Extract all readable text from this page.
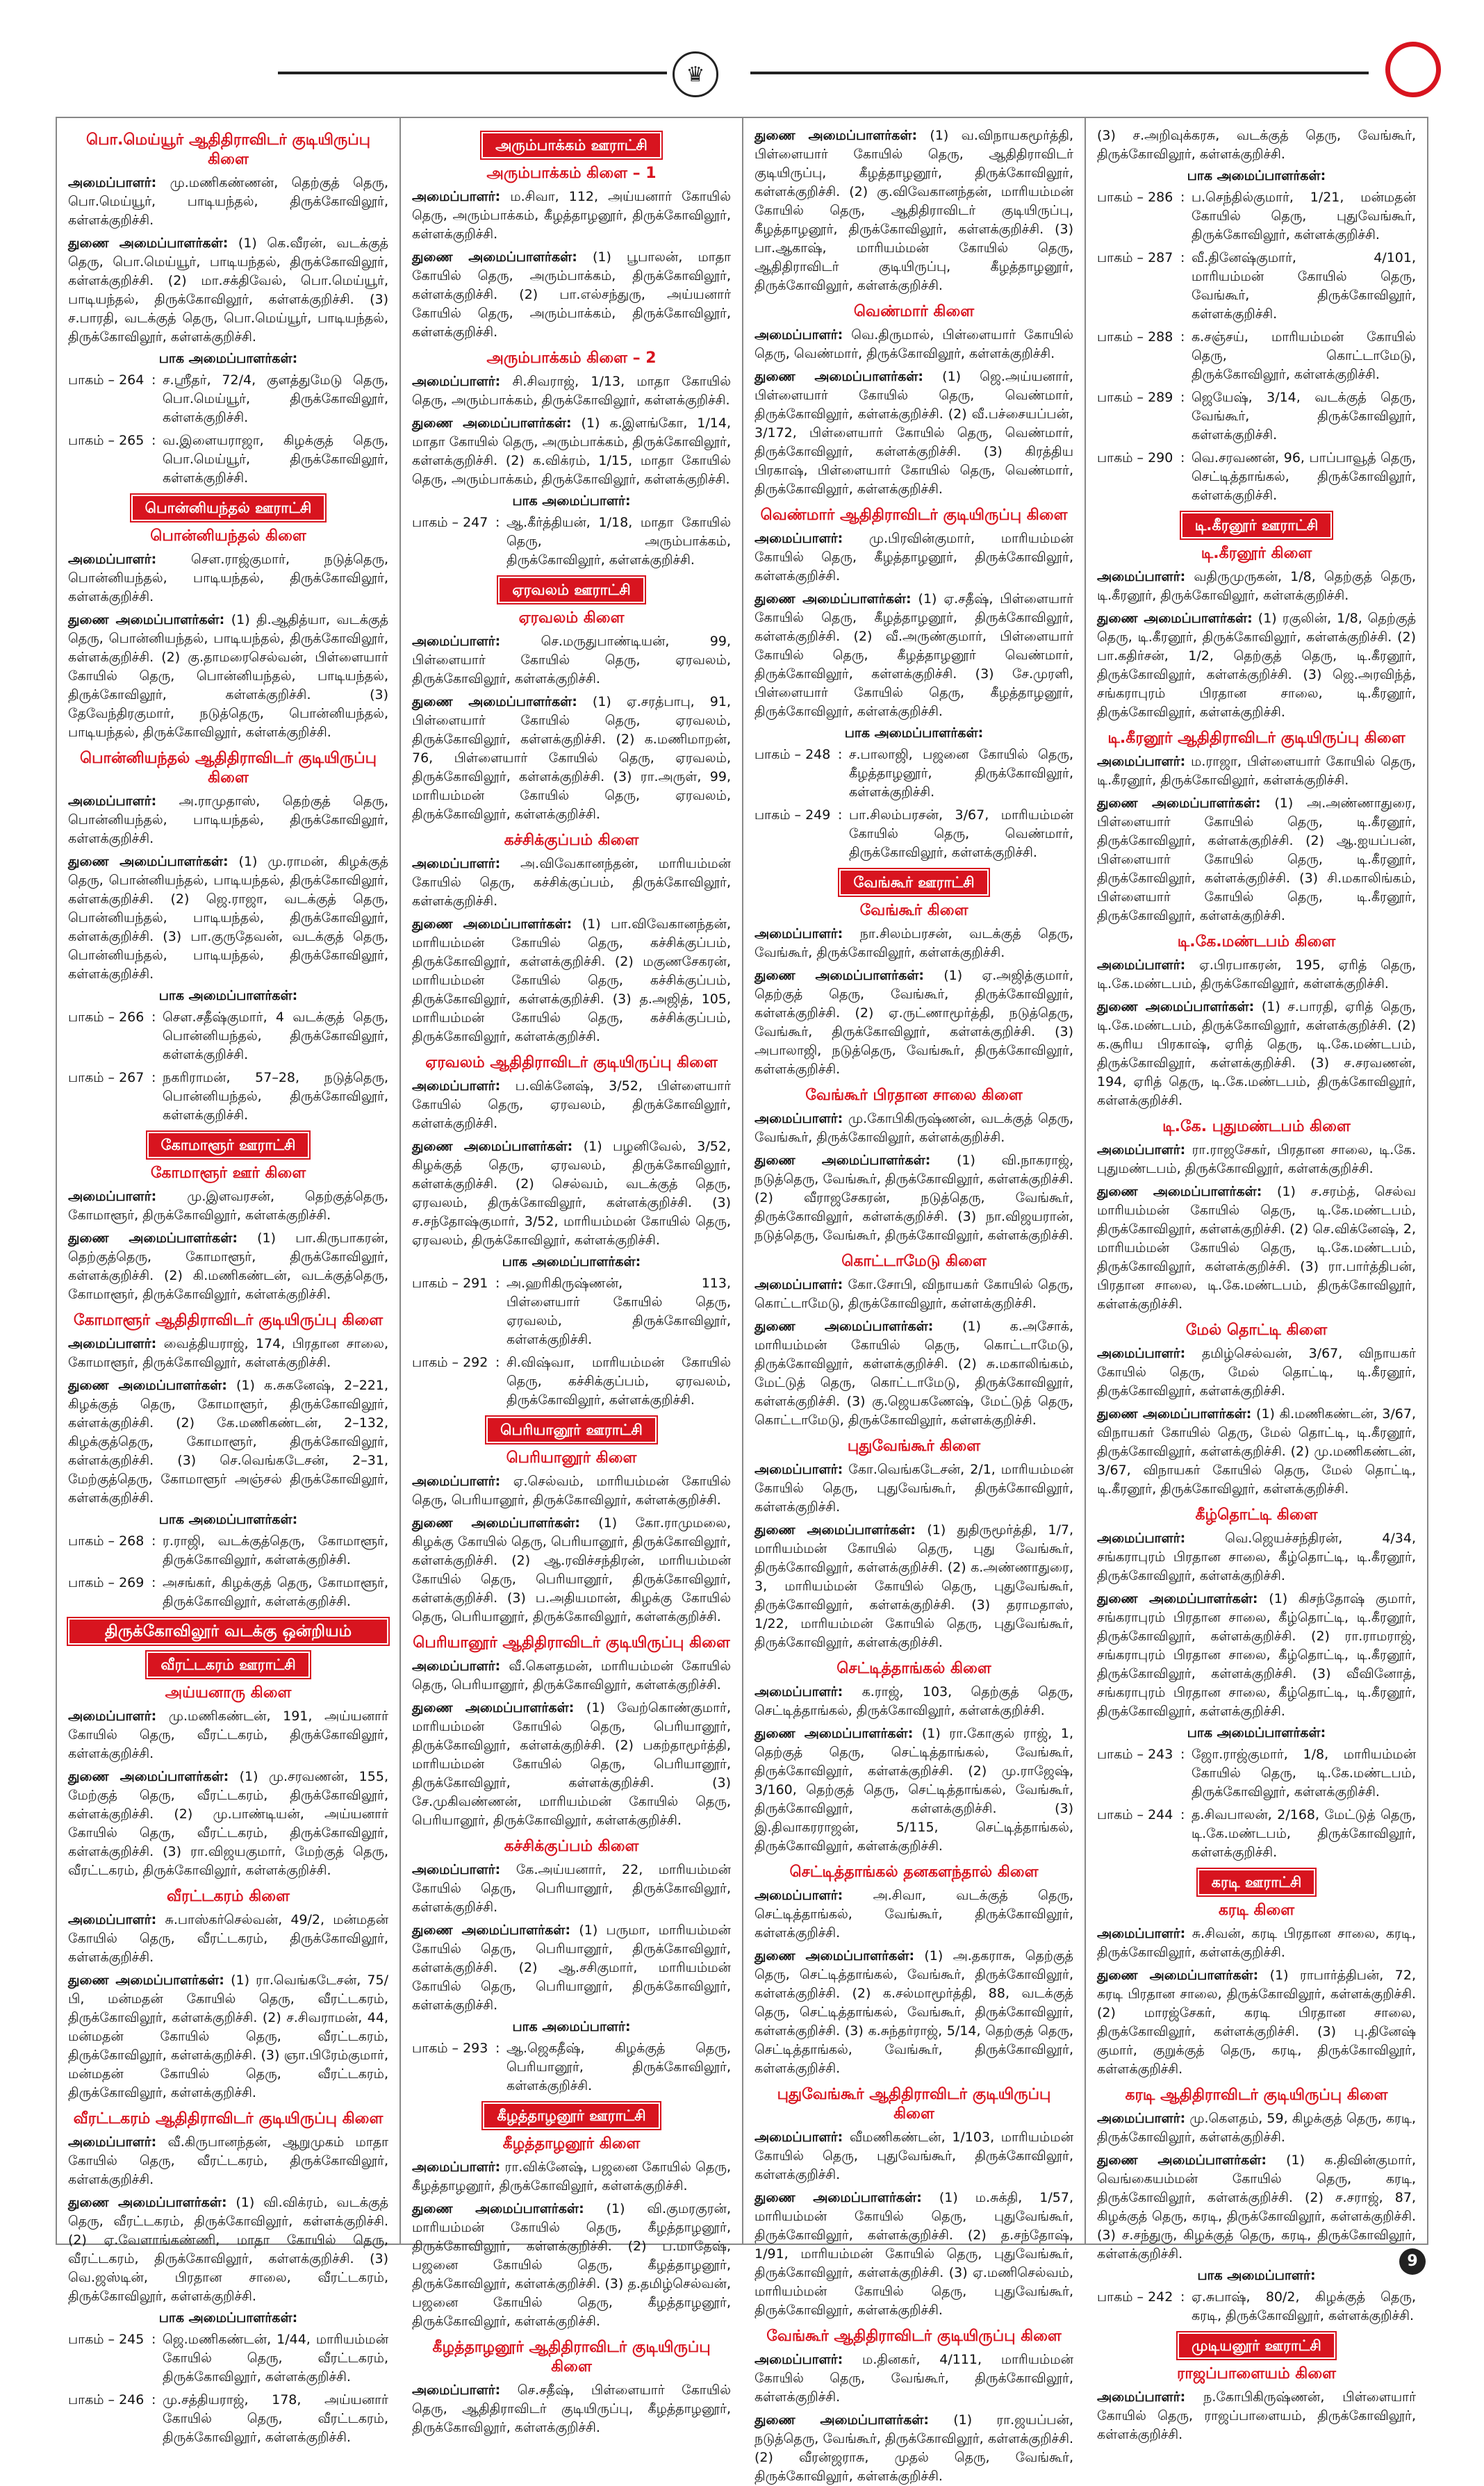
♛
பொ.மெய்யூர் ஆதிதிராவிடர் குடியிருப்பு கிளை

அமைப்பாளர்: மு.மணிகண்ணன், தெற்குத் தெரு, பொ.மெய்யூர், பாடியந்தல், திருக்கோவிலூர், கள்ளக்குறிச்சி.

துணை அமைப்பாளர்கள்: (1) கெ.வீரன், வடக்குத் தெரு, பொ.மெய்யூர், பாடியந்தல், திருக்கோவிலூர், கள்ளக்குறிச்சி. (2) மா.சக்திவேல், பொ.மெய்யூர், பாடியந்தல், திருக்கோவிலூர், கள்ளக்குறிச்சி. (3) ச.பாரதி, வடக்குத் தெரு, பொ.மெய்யூர், பாடியந்தல், திருக்கோவிலூர், கள்ளக்குறிச்சி.

பாக அமைப்பாளர்கள்:
பாகம் – 264 : ச.ஸ்ரீதர், 72/4, குளத்துமேடு தெரு, பொ.மெய்யூர், திருக்கோவிலூர், கள்ளக்குறிச்சி.
பாகம் – 265 : வ.இளையராஜா, கிழக்குத் தெரு, பொ.மெய்யூர், திருக்கோவிலூர், கள்ளக்குறிச்சி.
பொன்னியந்தல் ஊராட்சி
பொன்னியந்தல் கிளை

அமைப்பாளர்:	செள.ராஜ்குமார், நடுத்தெரு, பொன்னியந்தல், பாடியந்தல், திருக்கோவிலூர், கள்ளக்குறிச்சி.

துணை அமைப்பாளர்கள்: (1) தி.ஆதித்யா, வடக்குத் தெரு, பொன்னியந்தல், பாடியந்தல், திருக்கோவிலூர், கள்ளக்குறிச்சி. (2) கு.தாமரைசெல்வன், பிள்ளையார் கோயில் தெரு, பொன்னியந்தல், பாடியந்தல், திருக்கோவிலூர், கள்ளக்குறிச்சி. (3) தேவேந்திரகுமார், நடுத்தெரு, பொன்னியந்தல், பாடியந்தல், திருக்கோவிலூர், கள்ளக்குறிச்சி.

பொன்னியந்தல் ஆதிதிராவிடர் குடியிருப்பு கிளை

அமைப்பாளர்: அ.ராமுதாஸ், தெற்குத் தெரு, பொன்னியந்தல், பாடியந்தல், திருக்கோவிலூர், கள்ளக்குறிச்சி.

துணை அமைப்பாளர்கள்: (1) மு.ராமன், கிழக்குத் தெரு, பொன்னியந்தல், பாடியந்தல், திருக்கோவிலூர், கள்ளக்குறிச்சி. (2) ஜெ.ராஜா, வடக்குத் தெரு, பொன்னியந்தல், பாடியந்தல், திருக்கோவிலூர், கள்ளக்குறிச்சி. (3) பா.குருதேவன், வடக்குத் தெரு, பொன்னியந்தல், பாடியந்தல், திருக்கோவிலூர், கள்ளக்குறிச்சி.

பாக அமைப்பாளர்கள்:
பாகம் – 266 : செள.சதீஷ்குமார், 4 வடக்குத் தெரு, பொன்னியந்தல், திருக்கோவிலூர், கள்ளக்குறிச்சி.
பாகம் – 267 : நகரிராமன், 57–28, நடுத்தெரு, பொன்னியந்தல், திருக்கோவிலூர், கள்ளக்குறிச்சி.
கோமாளூர் ஊராட்சி
கோமாளூர் ஊர் கிளை

அமைப்பாளர்: மு.இளவரசன், தெற்குத்தெரு, கோமாளூர், திருக்கோவிலூர், கள்ளக்குறிச்சி.

துணை அமைப்பாளர்கள்: (1) பா.கிருபாகரன், தெற்குத்தெரு, கோமாளூர், திருக்கோவிலூர், கள்ளக்குறிச்சி. (2) கி.மணிகண்டன், வடக்குத்தெரு, கோமாளூர், திருக்கோவிலூர், கள்ளக்குறிச்சி.

கோமாளூர் ஆதிதிராவிடர் குடியிருப்பு கிளை

அமைப்பாளர்: வைத்தியராஜ், 174, பிரதான சாலை, கோமாளூர், திருக்கோவிலூர், கள்ளக்குறிச்சி.

துணை அமைப்பாளர்கள்: (1) க.சுகனேஷ், 2–221, கிழக்குத் தெரு, கோமாளூர், திருக்கோவிலூர், கள்ளக்குறிச்சி. (2) கே.மணிகண்டன், 2–132, கிழக்குத்தெரு, கோமாளூர், திருக்கோவிலூர், கள்ளக்குறிச்சி. (3) செ.வெங்கடேசன், 2–31, மேற்குத்தெரு, கோமாளூர் அஞ்சல் திருக்கோவிலூர், கள்ளக்குறிச்சி.

பாக அமைப்பாளர்கள்:
பாகம் – 268 : ர.ராஜி, வடக்குத்தெரு, கோமாளூர், திருக்கோவிலூர், கள்ளக்குறிச்சி.
பாகம் – 269 : அசங்கர், கிழக்குத் தெரு, கோமாளூர், திருக்கோவிலூர், கள்ளக்குறிச்சி.
திருக்கோவிலூர் வடக்கு ஒன்றியம்
வீரட்டகரம் ஊராட்சி
அய்யனாரு கிளை

அமைப்பாளர்: மு.மணிகண்டன், 191, அய்யனார் கோயில் தெரு, வீரட்டகரம், திருக்கோவிலூர், கள்ளக்குறிச்சி.

துணை அமைப்பாளர்கள்: (1) மு.சரவணன், 155, மேற்குத் தெரு, வீரட்டகரம், திருக்கோவிலூர், கள்ளக்குறிச்சி. (2) மு.பாண்டியன், அய்யனார் கோயில் தெரு, வீரட்டகரம், திருக்கோவிலூர், கள்ளக்குறிச்சி. (3) ரா.விஜயகுமார், மேற்குத் தெரு, வீரட்டகரம், திருக்கோவிலூர், கள்ளக்குறிச்சி.

வீரட்டகரம் கிளை

அமைப்பாளர்: சு.பாஸ்கர்செல்வன், 49/2, மன்மதன் கோயில் தெரு, வீரட்டகரம், திருக்கோவிலூர், கள்ளக்குறிச்சி.

துணை அமைப்பாளர்கள்: (1) ரா.வெங்கடேசன், 75/பி, மன்மதன் கோயில் தெரு, வீரட்டகரம், திருக்கோவிலூர், கள்ளக்குறிச்சி. (2) ச.சிவராமன், 44, மன்மதன் கோயில் தெரு, வீரட்டகரம், திருக்கோவிலூர், கள்ளக்குறிச்சி. (3) ஞா.பிரேம்குமார், மன்மதன் கோயில் தெரு, வீரட்டகரம், திருக்கோவிலூர், கள்ளக்குறிச்சி.

வீரட்டகரம் ஆதிதிராவிடர் குடியிருப்பு கிளை

அமைப்பாளர்: வீ.கிருபானந்தன், ஆறுமுகம் மாதா கோயில் தெரு, வீரட்டகரம், திருக்கோவிலூர், கள்ளக்குறிச்சி.

துணை அமைப்பாளர்கள்: (1) வி.விக்ரம், வடக்குத் தெரு, வீரட்டகரம், திருக்கோவிலூர், கள்ளக்குறிச்சி. (2) ஏ.வேளாங்கண்ணி, மாதா கோயில் தெரு, வீரட்டகரம், திருக்கோவிலூர், கள்ளக்குறிச்சி. (3) வெ.ஜஸ்டின், பிரதான சாலை, வீரட்டகரம், திருக்கோவிலூர், கள்ளக்குறிச்சி.

பாக அமைப்பாளர்கள்:
பாகம் – 245 : ஜெ.மணிகண்டன், 1/44, மாரியம்மன் கோயில் தெரு, வீரட்டகரம், திருக்கோவிலூர், கள்ளக்குறிச்சி.
பாகம் – 246 : மு.சத்தியராஜ், 178, அய்யனார் கோயில் தெரு, வீரட்டகரம், திருக்கோவிலூர், கள்ளக்குறிச்சி.
அரும்பாக்கம் ஊராட்சி
அரும்பாக்கம் கிளை – 1

அமைப்பாளர்: ம.சிவா, 112, அய்யனார் கோயில் தெரு, அரும்பாக்கம், கீழத்தாழனூர், திருக்கோவிலூர், கள்ளக்குறிச்சி.

துணை அமைப்பாளர்கள்: (1) பூபாலன், மாதா கோயில் தெரு, அரும்பாக்கம், திருக்கோவிலூர், கள்ளக்குறிச்சி. (2) பா.எல்சந்துரு, அய்யனார் கோயில் தெரு, அரும்பாக்கம், திருக்கோவிலூர், கள்ளக்குறிச்சி.

அரும்பாக்கம் கிளை – 2

அமைப்பாளர்: சி.சிவராஜ், 1/13, மாதா கோயில் தெரு, அரும்பாக்கம், திருக்கோவிலூர், கள்ளக்குறிச்சி.

துணை அமைப்பாளர்கள்: (1) க.இளங்கோ, 1/14, மாதா கோயில் தெரு, அரும்பாக்கம், திருக்கோவிலூர், கள்ளக்குறிச்சி. (2) க.விக்ரம், 1/15, மாதா கோயில் தெரு, அரும்பாக்கம், திருக்கோவிலூர், கள்ளக்குறிச்சி.

பாக அமைப்பாளர்:
பாகம் – 247 : ஆ.கீர்த்தியன், 1/18, மாதா கோயில் தெரு, அரும்பாக்கம், திருக்கோவிலூர், கள்ளக்குறிச்சி.
ஏரவலம் ஊராட்சி
ஏரவலம் கிளை

அமைப்பாளர்:	செ.மருதுபாண்டியன், 99, பிள்ளையார் கோயில் தெரு, ஏரவலம், திருக்கோவிலூர், கள்ளக்குறிச்சி.

துணை அமைப்பாளர்கள்: (1) ஏ.சரத்பாபு, 91, பிள்ளையார் கோயில் தெரு, ஏரவலம், திருக்கோவிலூர், கள்ளக்குறிச்சி. (2) க.மணிமாறன், 76, பிள்ளையார் கோயில் தெரு, ஏரவலம், திருக்கோவிலூர், கள்ளக்குறிச்சி. (3) ரா.அருள், 99, மாரியம்மன் கோயில் தெரு, ஏரவலம், திருக்கோவிலூர், கள்ளக்குறிச்சி.

கச்சிக்குப்பம் கிளை

அமைப்பாளர்: அ.விவேகானந்தன், மாரியம்மன் கோயில் தெரு, கச்சிக்குப்பம், திருக்கோவிலூர், கள்ளக்குறிச்சி.

துணை அமைப்பாளர்கள்: (1) பா.விவேகானந்தன், மாரியம்மன் கோயில் தெரு, கச்சிக்குப்பம், திருக்கோவிலூர், கள்ளக்குறிச்சி. (2) மகுணசேகரன், மாரியம்மன் கோயில் தெரு, கச்சிக்குப்பம், திருக்கோவிலூர், கள்ளக்குறிச்சி. (3) த.அஜித், 105, மாரியம்மன் கோயில் தெரு, கச்சிக்குப்பம், திருக்கோவிலூர், கள்ளக்குறிச்சி.

ஏரவலம் ஆதிதிராவிடர் குடியிருப்பு கிளை

அமைப்பாளர்: ப.விக்னேஷ், 3/52, பிள்ளையார் கோயில் தெரு, ஏரவலம், திருக்கோவிலூர், கள்ளக்குறிச்சி.

துணை அமைப்பாளர்கள்: (1) பழனிவேல், 3/52, கிழக்குத் தெரு, ஏரவலம், திருக்கோவிலூர், கள்ளக்குறிச்சி. (2) செல்வம், வடக்குத் தெரு, ஏரவலம், திருக்கோவிலூர், கள்ளக்குறிச்சி. (3) ச.சந்தோஷ்குமார், 3/52, மாரியம்மன் கோயில் தெரு, ஏரவலம், திருக்கோவிலூர், கள்ளக்குறிச்சி.

பாக அமைப்பாளர்கள்:
பாகம் – 291 : அ.ஹரிகிருஷ்ணன், 113, பிள்ளையார் கோயில் தெரு, ஏரவலம், திருக்கோவிலூர், கள்ளக்குறிச்சி.
பாகம் – 292 : சி.விஷ்வா, மாரியம்மன் கோயில் தெரு, கச்சிக்குப்பம், ஏரவலம், திருக்கோவிலூர், கள்ளக்குறிச்சி.
பெரியானூர் ஊராட்சி
பெரியானூர் கிளை

அமைப்பாளர்: ஏ.செல்வம், மாரியம்மன் கோயில் தெரு, பெரியானூர், திருக்கோவிலூர், கள்ளக்குறிச்சி.

துணை அமைப்பாளர்கள்: (1) கோ.ராமுமலை, கிழக்கு கோயில் தெரு, பெரியானூர், திருக்கோவிலூர், கள்ளக்குறிச்சி. (2) ஆ.ரவிச்சந்திரன், மாரியம்மன் கோயில் தெரு, பெரியானூர், திருக்கோவிலூர், கள்ளக்குறிச்சி. (3) ப.அதியமான், கிழக்கு கோயில் தெரு, பெரியானூர், திருக்கோவிலூர், கள்ளக்குறிச்சி.

பெரியானூர் ஆதிதிராவிடர் குடியிருப்பு கிளை

அமைப்பாளர்: வீ.கௌதமன், மாரியம்மன் கோயில் தெரு, பெரியானூர், திருக்கோவிலூர், கள்ளக்குறிச்சி.

துணை அமைப்பாளர்கள்: (1) வேற்கொண்குமார், மாரியம்மன் கோயில் தெரு, பெரியானூர், திருக்கோவிலூர், கள்ளக்குறிச்சி. (2) பகற்தாமூர்த்தி, மாரியம்மன் கோயில் தெரு, பெரியானூர், திருக்கோவிலூர், கள்ளக்குறிச்சி. (3) சே.முகிவண்ணன், மாரியம்மன் கோயில் தெரு, பெரியானூர், திருக்கோவிலூர், கள்ளக்குறிச்சி.

கச்சிக்குப்பம் கிளை

அமைப்பாளர்: கே.அய்யனார், 22, மாரியம்மன் கோயில் தெரு, பெரியானூர், திருக்கோவிலூர், கள்ளக்குறிச்சி.

துணை அமைப்பாளர்கள்: (1) பருமா, மாரியம்மன் கோயில் தெரு, பெரியானூர், திருக்கோவிலூர், கள்ளக்குறிச்சி. (2) ஆ.சசிகுமார், மாரியம்மன் கோயில் தெரு, பெரியானூர், திருக்கோவிலூர், கள்ளக்குறிச்சி.

பாக அமைப்பாளர்:
பாகம் – 293 : ஆ.ஜெகதீஷ், கிழக்குத் தெரு, பெரியானூர், திருக்கோவிலூர், கள்ளக்குறிச்சி.
கீழத்தாழனூர் ஊராட்சி
கீழத்தாழனூர் கிளை

அமைப்பாளர்: ரா.விக்னேஷ், பஜனை கோயில் தெரு, கீழத்தாழனூர், திருக்கோவிலூர், கள்ளக்குறிச்சி.

துணை அமைப்பாளர்கள்: (1) வி.குமரகுரன், மாரியம்மன் கோயில் தெரு, கீழத்தாழனூர், திருக்கோவிலூர், கள்ளக்குறிச்சி. (2) ப.மாதேஷ், பஜனை கோயில் தெரு, கீழத்தாழனூர், திருக்கோவிலூர், கள்ளக்குறிச்சி. (3) த.தமிழ்செல்வன், பஜனை கோயில் தெரு, கீழத்தாழனூர், திருக்கோவிலூர், கள்ளக்குறிச்சி.

கீழத்தாழனூர் ஆதிதிராவிடர் குடியிருப்பு கிளை

அமைப்பாளர்: செ.சதீஷ், பிள்ளையார் கோயில் தெரு, ஆதிதிராவிடர் குடியிருப்பு, கீழத்தாழனூர், திருக்கோவிலூர், கள்ளக்குறிச்சி.

துணை அமைப்பாளர்கள்: (1) வ.விநாயகமூர்த்தி, பிள்ளையார் கோயில் தெரு, ஆதிதிராவிடர் குடியிருப்பு, கீழத்தாழனூர், திருக்கோவிலூர், கள்ளக்குறிச்சி. (2) கு.விவேகானந்தன், மாரியம்மன் கோயில் தெரு, ஆதிதிராவிடர் குடியிருப்பு, கீழத்தாழனூர், திருக்கோவிலூர், கள்ளக்குறிச்சி. (3) பா.ஆகாஷ், மாரியம்மன் கோயில் தெரு, ஆதிதிராவிடர் குடியிருப்பு, கீழத்தாழனூர், திருக்கோவிலூர், கள்ளக்குறிச்சி.

வெண்மார் கிளை

அமைப்பாளர்: வெ.திருமால், பிள்ளையார் கோயில் தெரு, வெண்மார், திருக்கோவிலூர், கள்ளக்குறிச்சி.

துணை அமைப்பாளர்கள்: (1) ஜெ.அய்யனார், பிள்ளையார் கோயில் தெரு, வெண்மார், திருக்கோவிலூர், கள்ளக்குறிச்சி. (2) வீ.பச்சையப்பன், 3/172, பிள்ளையார் கோயில் தெரு, வெண்மார், திருக்கோவிலூர், கள்ளக்குறிச்சி. (3) கிரத்திய பிரகாஷ், பிள்ளையார் கோயில் தெரு, வெண்மார், திருக்கோவிலூர், கள்ளக்குறிச்சி.

வெண்மார் ஆதிதிராவிடர் குடியிருப்பு கிளை

அமைப்பாளர்: மு.பிரவின்குமார், மாரியம்மன் கோயில் தெரு, கீழத்தாழனூர், திருக்கோவிலூர், கள்ளக்குறிச்சி.

துணை அமைப்பாளர்கள்: (1) ஏ.சதீஷ், பிள்ளையார் கோயில் தெரு, கீழத்தாழனூர், திருக்கோவிலூர், கள்ளக்குறிச்சி. (2) வீ.அருண்குமார், பிள்ளையார் கோயில் தெரு, கீழத்தாழனூர் வெண்மார், திருக்கோவிலூர், கள்ளக்குறிச்சி. (3) சே.முரளி, பிள்ளையார் கோயில் தெரு, கீழத்தாழனூர், திருக்கோவிலூர், கள்ளக்குறிச்சி.

பாக அமைப்பாளர்கள்:
பாகம் – 248 : ச.பாலாஜி, பஜனை கோயில் தெரு, கீழத்தாழனூர், திருக்கோவிலூர், கள்ளக்குறிச்சி.
பாகம் – 249 : பா.சிலம்பரசன், 3/67, மாரியம்மன் கோயில் தெரு, வெண்மார், திருக்கோவிலூர், கள்ளக்குறிச்சி.
வேங்கூர் ஊராட்சி
வேங்கூர் கிளை

அமைப்பாளர்: நா.சிலம்பரசன், வடக்குத் தெரு, வேங்கூர், திருக்கோவிலூர், கள்ளக்குறிச்சி.

துணை அமைப்பாளர்கள்: (1) ஏ.அஜித்குமார், தெற்குத் தெரு, வேங்கூர், திருக்கோவிலூர், கள்ளக்குறிச்சி. (2) ஏ.ருட்ணாமூர்த்தி, நடுத்தெரு, வேங்கூர், திருக்கோவிலூர், கள்ளக்குறிச்சி. (3) அபாலாஜி, நடுத்தெரு, வேங்கூர், திருக்கோவிலூர், கள்ளக்குறிச்சி.

வேங்கூர் பிரதான சாலை கிளை

அமைப்பாளர்: மு.கோபிகிருஷ்ணன், வடக்குத் தெரு, வேங்கூர், திருக்கோவிலூர், கள்ளக்குறிச்சி.

துணை அமைப்பாளர்கள்: (1) வி.நாகராஜ், நடுத்தெரு, வேங்கூர், திருக்கோவிலூர், கள்ளக்குறிச்சி. (2) வீராஜசேகரன், நடுத்தெரு, வேங்கூர், திருக்கோவிலூர், கள்ளக்குறிச்சி. (3) நா.விஜயரான், நடுத்தெரு, வேங்கூர், திருக்கோவிலூர், கள்ளக்குறிச்சி.

கொட்டாமேடு கிளை

அமைப்பாளர்: கோ.சோபி, விநாயகர் கோயில் தெரு, கொட்டாமேடு, திருக்கோவிலூர், கள்ளக்குறிச்சி.

துணை அமைப்பாளர்கள்: (1) க.அசோக், மாரியம்மன் கோயில் தெரு, கொட்டாமேடு, திருக்கோவிலூர், கள்ளக்குறிச்சி. (2) சு.மகாலிங்கம், மேட்டுத் தெரு, கொட்டாமேடு, திருக்கோவிலூர், கள்ளக்குறிச்சி. (3) கு.ஜெயகணேஷ், மேட்டுத் தெரு, கொட்டாமேடு, திருக்கோவிலூர், கள்ளக்குறிச்சி.

புதுவேங்கூர் கிளை

அமைப்பாளர்: கோ.வெங்கடேசன், 2/1, மாரியம்மன் கோயில் தெரு, புதுவேங்கூர், திருக்கோவிலூர், கள்ளக்குறிச்சி.

துணை அமைப்பாளர்கள்: (1) துதிருமூர்த்தி, 1/7, மாரியம்மன் கோயில் தெரு, புது வேங்கூர், திருக்கோவிலூர், கள்ளக்குறிச்சி. (2) க.அண்ணாதுரை, 3, மாரியம்மன் கோயில் தெரு, புதுவேங்கூர், திருக்கோவிலூர், கள்ளக்குறிச்சி. (3) தராமதாஸ், 1/22, மாரியம்மன் கோயில் தெரு, புதுவேங்கூர், திருக்கோவிலூர், கள்ளக்குறிச்சி.

செட்டித்தாங்கல் கிளை

அமைப்பாளர்: க.ராஜ், 103, தெற்குத் தெரு, செட்டித்தாங்கல், திருக்கோவிலூர், கள்ளக்குறிச்சி.

துணை அமைப்பாளர்கள்: (1) ரா.கோகுல் ராஜ், 1, தெற்குத் தெரு, செட்டித்தாங்கல், வேங்கூர், திருக்கோவிலூர், கள்ளக்குறிச்சி. (2) மு.ராஜேஷ், 3/160, தெற்குத் தெரு, செட்டித்தாங்கல், வேங்கூர், திருக்கோவிலூர், கள்ளக்குறிச்சி. (3) இ.திவாகரராஜன், 5/115, செட்டித்தாங்கல், திருக்கோவிலூர், கள்ளக்குறிச்சி.

செட்டித்தாங்கல் தனகளந்தால் கிளை

அமைப்பாளர்: அ.சிவா, வடக்குத் தெரு, செட்டித்தாங்கல், வேங்கூர், திருக்கோவிலூர், கள்ளக்குறிச்சி.

துணை அமைப்பாளர்கள்: (1) அ.தகராசு, தெற்குத் தெரு, செட்டித்தாங்கல், வேங்கூர், திருக்கோவிலூர், கள்ளக்குறிச்சி. (2) க.சல்மாமூர்த்தி, 88, வடக்குத் தெரு, செட்டித்தாங்கல், வேங்கூர், திருக்கோவிலூர், கள்ளக்குறிச்சி. (3) க.சுந்தர்ராஜ், 5/14, தெற்குத் தெரு, செட்டித்தாங்கல், வேங்கூர், திருக்கோவிலூர், கள்ளக்குறிச்சி.

புதுவேங்கூர் ஆதிதிராவிடர் குடியிருப்பு கிளை

அமைப்பாளர்: வீமணிகண்டன், 1/103, மாரியம்மன் கோயில் தெரு, புதுவேங்கூர், திருக்கோவிலூர், கள்ளக்குறிச்சி.

துணை அமைப்பாளர்கள்: (1) ம.சுக்தி, 1/57, மாரியம்மன் கோயில் தெரு, புதுவேங்கூர், திருக்கோவிலூர், கள்ளக்குறிச்சி. (2) த.சந்தோஷ், 1/91, மாரியம்மன் கோயில் தெரு, புதுவேங்கூர், திருக்கோவிலூர், கள்ளக்குறிச்சி. (3) ஏ.மணிசெல்வம், மாரியம்மன் கோயில் தெரு, புதுவேங்கூர், திருக்கோவிலூர், கள்ளக்குறிச்சி.

வேங்கூர் ஆதிதிராவிடர் குடியிருப்பு கிளை

அமைப்பாளர்: ம.தினகர், 4/111, மாரியம்மன் கோயில் தெரு, வேங்கூர், திருக்கோவிலூர், கள்ளக்குறிச்சி.

துணை அமைப்பாளர்கள்: (1) ரா.ஜயப்பன், நடுத்தெரு, வேங்கூர், திருக்கோவிலூர், கள்ளக்குறிச்சி. (2) வீரன்ஜராசு, முதல் தெரு, வேங்கூர், திருக்கோவிலூர், கள்ளக்குறிச்சி.

(3) ச.அறிவுக்கரசு, வடக்குத் தெரு, வேங்கூர், திருக்கோவிலூர், கள்ளக்குறிச்சி.

பாக அமைப்பாளர்கள்:
பாகம் – 286 : ப.செந்தில்குமார், 1/21, மன்மதன் கோயில் தெரு, புதுவேங்கூர், திருக்கோவிலூர், கள்ளக்குறிச்சி.
பாகம் – 287 : வீ.தினேஷ்குமார், 4/101, மாரியம்மன் கோயில் தெரு, வேங்கூர், திருக்கோவிலூர், கள்ளக்குறிச்சி.
பாகம் – 288 : க.சஞ்சய், மாரியம்மன் கோயில் தெரு, கொட்டாமேடு, திருக்கோவிலூர், கள்ளக்குறிச்சி.
பாகம் – 289 : ஜெயேஷ், 3/14, வடக்குத் தெரு, வேங்கூர், திருக்கோவிலூர், கள்ளக்குறிச்சி.
பாகம் – 290 : வெ.சரவணன், 96, பாப்பாவூத் தெரு, செட்டித்தாங்கல், திருக்கோவிலூர், கள்ளக்குறிச்சி.
டி.கீரனூர் ஊராட்சி
டி.கீரனூர் கிளை

அமைப்பாளர்: வதிருமுருகன், 1/8, தெற்குத் தெரு, டி.கீரனூர், திருக்கோவிலூர், கள்ளக்குறிச்சி.

துணை அமைப்பாளர்கள்: (1) ரகுலின், 1/8, தெற்குத் தெரு, டி.கீரனூர், திருக்கோவிலூர், கள்ளக்குறிச்சி. (2) பா.கதிர்சன், 1/2, தெற்குத் தெரு, டி.கீரனூர், திருக்கோவிலூர், கள்ளக்குறிச்சி. (3) ஜெ.அரவிந்த், சங்கராபுரம் பிரதான சாலை, டி.கீரனூர், திருக்கோவிலூர், கள்ளக்குறிச்சி.

டி.கீரனூர் ஆதிதிராவிடர் குடியிருப்பு கிளை

அமைப்பாளர்: ம.ராஜா, பிள்ளையார் கோயில் தெரு, டி.கீரனூர், திருக்கோவிலூர், கள்ளக்குறிச்சி.

துணை அமைப்பாளர்கள்: (1) அ.அண்ணாதுரை, பிள்ளையார் கோயில் தெரு, டி.கீரனூர், திருக்கோவிலூர், கள்ளக்குறிச்சி. (2) ஆ.ஐயப்பன், பிள்ளையார் கோயில் தெரு, டி.கீரனூர், திருக்கோவிலூர், கள்ளக்குறிச்சி. (3) சி.மகாலிங்கம், பிள்ளையார் கோயில் தெரு, டி.கீரனூர், திருக்கோவிலூர், கள்ளக்குறிச்சி.

டி.கே.மண்டபம் கிளை

அமைப்பாளர்: ஏ.பிரபாகரன், 195, ஏரித் தெரு, டி.கே.மண்டபம், திருக்கோவிலூர், கள்ளக்குறிச்சி.

துணை அமைப்பாளர்கள்: (1) ச.பாரதி, ஏரித் தெரு, டி.கே.மண்டபம், திருக்கோவிலூர், கள்ளக்குறிச்சி. (2) க.சூரிய பிரகாஷ், ஏரித் தெரு, டி.கே.மண்டபம், திருக்கோவிலூர், கள்ளக்குறிச்சி. (3) ச.சரவணன், 194, ஏரித் தெரு, டி.கே.மண்டபம், திருக்கோவிலூர், கள்ளக்குறிச்சி.

டி.கே. புதுமண்டபம் கிளை

அமைப்பாளர்: ரா.ராஜசேகர், பிரதான சாலை, டி.கே. புதுமண்டபம், திருக்கோவிலூர், கள்ளக்குறிச்சி.

துணை அமைப்பாளர்கள்: (1) ச.சரம்த், செல்வ மாரியம்மன் கோயில் தெரு, டி.கே.மண்டபம், திருக்கோவிலூர், கள்ளக்குறிச்சி. (2) செ.விக்னேஷ், 2, மாரியம்மன் கோயில் தெரு, டி.கே.மண்டபம், திருக்கோவிலூர், கள்ளக்குறிச்சி. (3) ரா.பார்த்திபன், பிரதான சாலை, டி.கே.மண்டபம், திருக்கோவிலூர், கள்ளக்குறிச்சி.

மேல் தொட்டி கிளை

அமைப்பாளர்: தமிழ்செல்வன், 3/67, விநாயகர் கோயில் தெரு, மேல் தொட்டி, டி.கீரனூர், திருக்கோவிலூர், கள்ளக்குறிச்சி.

துணை அமைப்பாளர்கள்: (1) கி.மணிகண்டன், 3/67, விநாயகர் கோயில் தெரு, மேல் தொட்டி, டி.கீரனூர், திருக்கோவிலூர், கள்ளக்குறிச்சி. (2) மு.மணிகண்டன், 3/67, விநாயகர் கோயில் தெரு, மேல் தொட்டி, டி.கீரனூர், திருக்கோவிலூர், கள்ளக்குறிச்சி.

கீழ்தொட்டி கிளை

அமைப்பாளர்:	வெ.ஜெயச்சந்திரன், 4/34, சங்கராபுரம் பிரதான சாலை, கீழ்தொட்டி, டி.கீரனூர், திருக்கோவிலூர், கள்ளக்குறிச்சி.

துணை அமைப்பாளர்கள்: (1) கிசந்தோஷ் குமார், சங்கராபுரம் பிரதான சாலை, கீழ்தொட்டி, டி.கீரனூர், திருக்கோவிலூர், கள்ளக்குறிச்சி. (2) ரா.ராமராஜ், சங்கராபுரம் பிரதான சாலை, கீழ்தொட்டி, டி.கீரனூர், திருக்கோவிலூர், கள்ளக்குறிச்சி. (3) வீவினோத், சங்கராபுரம் பிரதான சாலை, கீழ்தொட்டி, டி.கீரனூர், திருக்கோவிலூர், கள்ளக்குறிச்சி.

பாக அமைப்பாளர்கள்:
பாகம் – 243 : ஜோ.ராஜ்குமார், 1/8, மாரியம்மன் கோயில் தெரு, டி.கே.மண்டபம், திருக்கோவிலூர், கள்ளக்குறிச்சி.
பாகம் – 244 : த.சிவபாலன், 2/168, மேட்டுத் தெரு, டி.கே.மண்டபம், திருக்கோவிலூர், கள்ளக்குறிச்சி.
கரடி ஊராட்சி
கரடி கிளை

அமைப்பாளர்: சு.சிவன், கரடி பிரதான சாலை, கரடி, திருக்கோவிலூர், கள்ளக்குறிச்சி.

துணை அமைப்பாளர்கள்: (1) ராபார்த்திபன், 72, கரடி பிரதான சாலை, திருக்கோவிலூர், கள்ளக்குறிச்சி. (2) மாரஜ்சேகர், கரடி பிரதான சாலை, திருக்கோவிலூர், கள்ளக்குறிச்சி. (3) பு.தினேஷ் குமார், குறுக்குத் தெரு, கரடி, திருக்கோவிலூர், கள்ளக்குறிச்சி.

கரடி ஆதிதிராவிடர் குடியிருப்பு கிளை

அமைப்பாளர்: மு.கௌதம், 59, கிழக்குத் தெரு, கரடி, திருக்கோவிலூர், கள்ளக்குறிச்சி.

துணை அமைப்பாளர்கள்: (1) க.திவின்குமார், வெங்கையம்மன் கோயில் தெரு, கரடி, திருக்கோவிலூர், கள்ளக்குறிச்சி. (2) ச.சராஜ், 87, கிழக்குத் தெரு, கரடி, திருக்கோவிலூர், கள்ளக்குறிச்சி. (3) ச.சந்துரு, கிழக்குத் தெரு, கரடி, திருக்கோவிலூர், கள்ளக்குறிச்சி.

பாக அமைப்பாளர்:
பாகம் – 242 : ஏ.சுபாஷ், 80/2, கிழக்குத் தெரு, கரடி, திருக்கோவிலூர், கள்ளக்குறிச்சி.
முடியனூர் ஊராட்சி
ராஜப்பாளையம் கிளை

அமைப்பாளர்: ந.கோபிகிருஷ்ணன், பிள்ளையார் கோயில் தெரு, ராஜப்பாளையம், திருக்கோவிலூர், கள்ளக்குறிச்சி.

9
